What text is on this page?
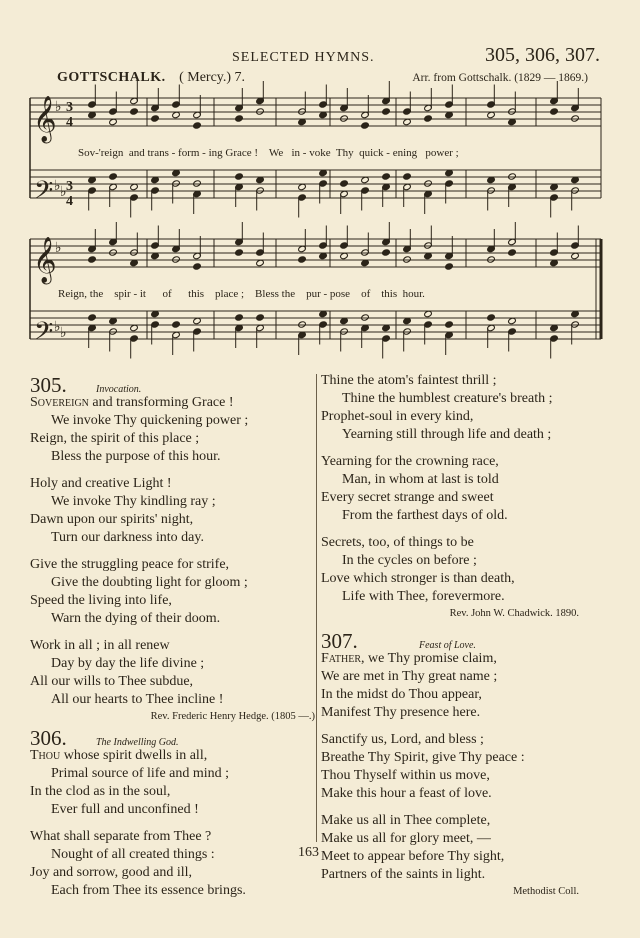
SELECTED HYMNS.	305, 306, 307.
GOTTSCHALK. ( Mercy.) 7.	Arr. from Gottschalk. (1829 — 1869.)
𝄞
𝄢
𝄞
𝄢
♭
♭ ♭
♭
♭ ♭
3
4
3
4
Sov-'reign  and trans - form - ing Grace !    We   in - voke  Thy  quick - ening   power ;
Reign, the    spir - it      of      this    place ;    Bless the    pur - pose    of    this  hour.
305.	Invocation.
Sovereign and transforming Grace !
We invoke Thy quickening power ;
Reign, the spirit of this place ;
Bless the purpose of this hour.
Holy and creative Light !
We invoke Thy kindling ray ;
Dawn upon our spirits' night,
Turn our darkness into day.
Give the struggling peace for strife,
Give the doubting light for gloom ;
Speed the living into life,
Warn the dying of their doom.
Work in all ; in all renew
Day by day the life divine ;
All our wills to Thee subdue,
All our hearts to Thee incline !
Rev. Frederic Henry Hedge. (1805 —.)
306.	The Indwelling God.
Thou whose spirit dwells in all,
Primal source of life and mind ;
In the clod as in the soul,
Ever full and unconfined !
What shall separate from Thee ?
Nought of all created things :
Joy and sorrow, good and ill,
Each from Thee its essence brings.
Thine the atom's faintest thrill ;
Thine the humblest creature's breath ;
Prophet-soul in every kind,
Yearning still through life and death ;
Yearning for the crowning race,
Man, in whom at last is told
Every secret strange and sweet
From the farthest days of old.
Secrets, too, of things to be
In the cycles on before ;
Love which stronger is than death,
Life with Thee, forevermore.
Rev. John W. Chadwick. 1890.
307.	Feast of Love.
Father, we Thy promise claim,
We are met in Thy great name ;
In the midst do Thou appear,
Manifest Thy presence here.
Sanctify us, Lord, and bless ;
Breathe Thy Spirit, give Thy peace :
Thou Thyself within us move,
Make this hour a feast of love.
Make us all in Thee complete,
Make us all for glory meet, —
Meet to appear before Thy sight,
Partners of the saints in light.
Methodist Coll.
163
